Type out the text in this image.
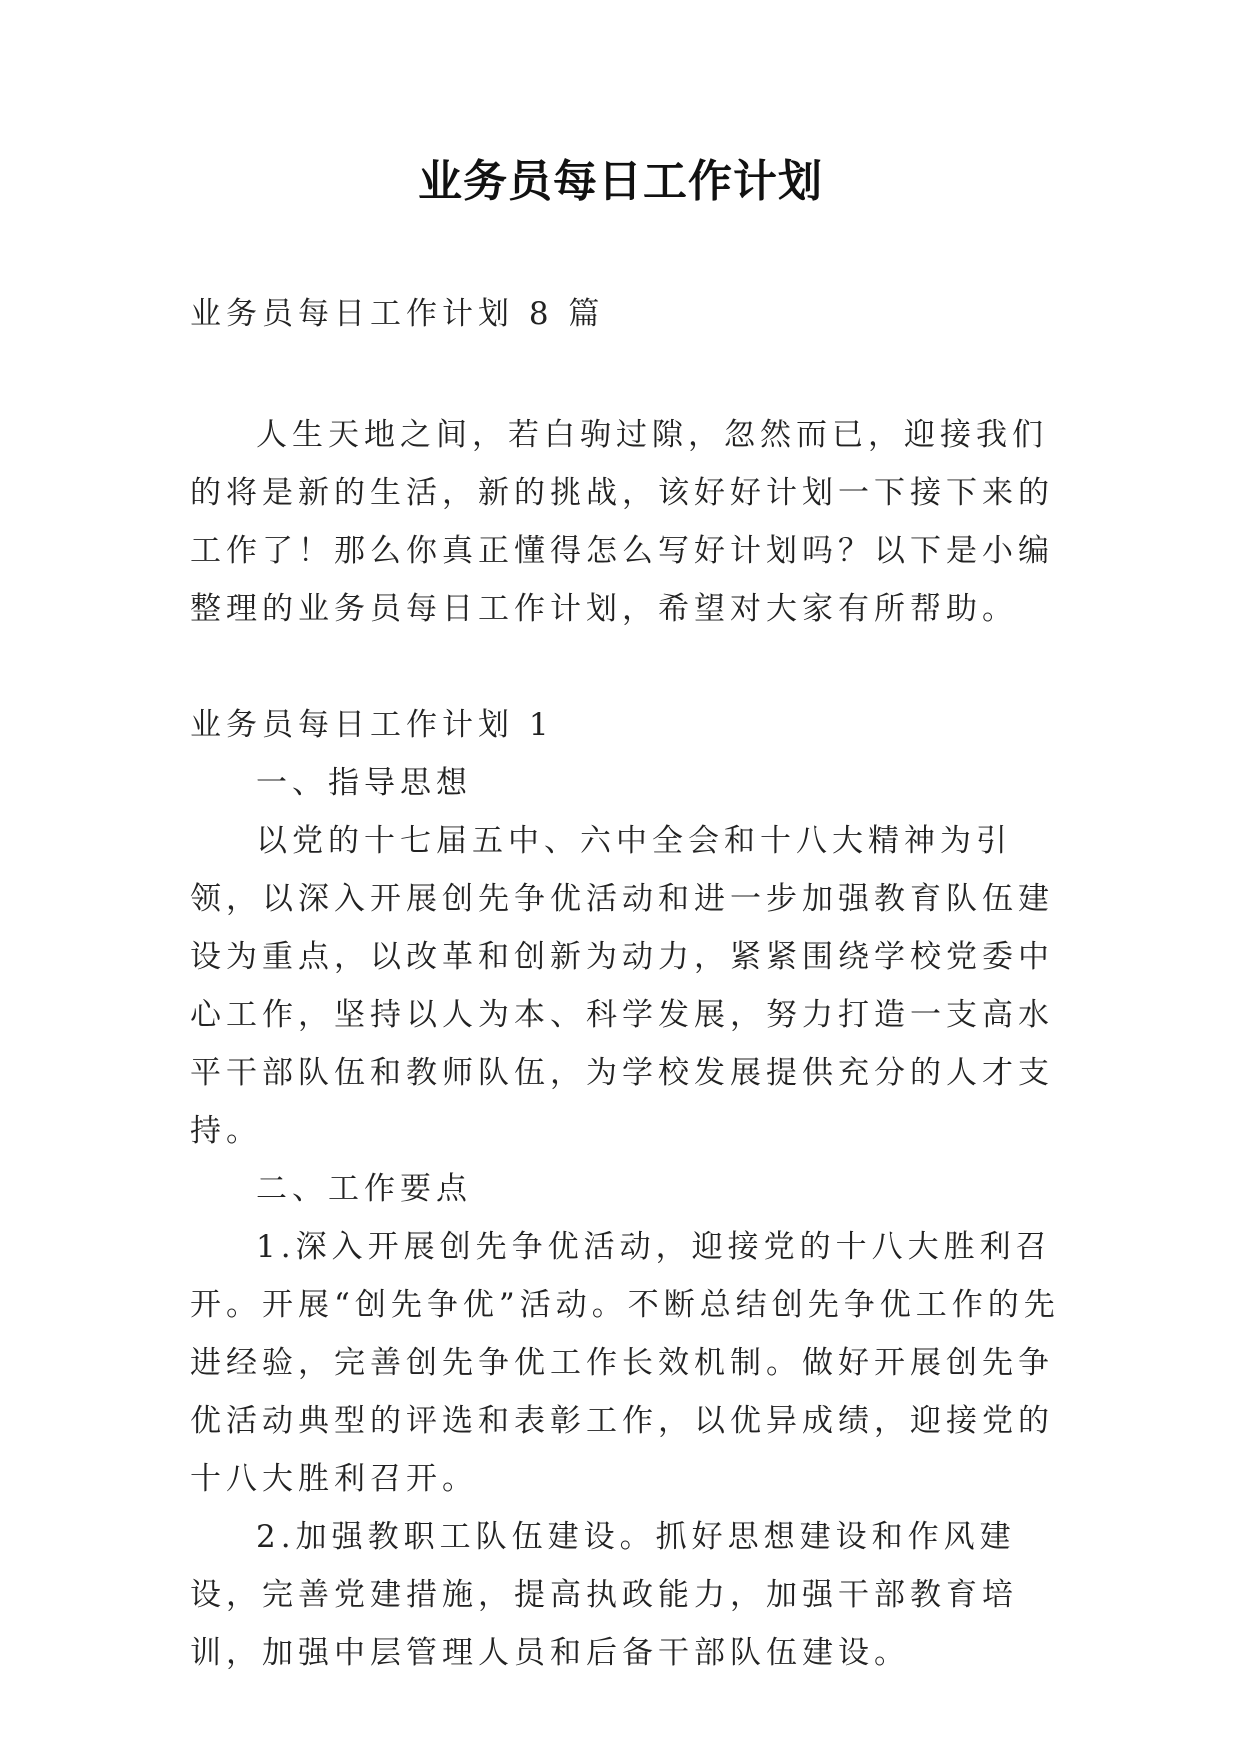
业务员每日工作计划

业务员每日工作计划 8 篇

人生天地之间，若白驹过隙，忽然而已，迎接我们的将是新的生活，新的挑战，该好好计划一下接下来的工作了！那么你真正懂得怎么写好计划吗？以下是小编整理的业务员每日工作计划，希望对大家有所帮助。

业务员每日工作计划 1
一、指导思想
以党的十七届五中、六中全会和十八大精神为引领，以深入开展创先争优活动和进一步加强教育队伍建设为重点，以改革和创新为动力，紧紧围绕学校党委中心工作，坚持以人为本、科学发展，努力打造一支高水平干部队伍和教师队伍，为学校发展提供充分的人才支持。
二、工作要点
1.深入开展创先争优活动，迎接党的十八大胜利召开。开展“创先争优”活动。不断总结创先争优工作的先进经验，完善创先争优工作长效机制。做好开展创先争优活动典型的评选和表彰工作，以优异成绩，迎接党的十八大胜利召开。
2.加强教职工队伍建设。抓好思想建设和作风建设，完善党建措施，提高执政能力，加强干部教育培训，加强中层管理人员和后备干部队伍建设。
